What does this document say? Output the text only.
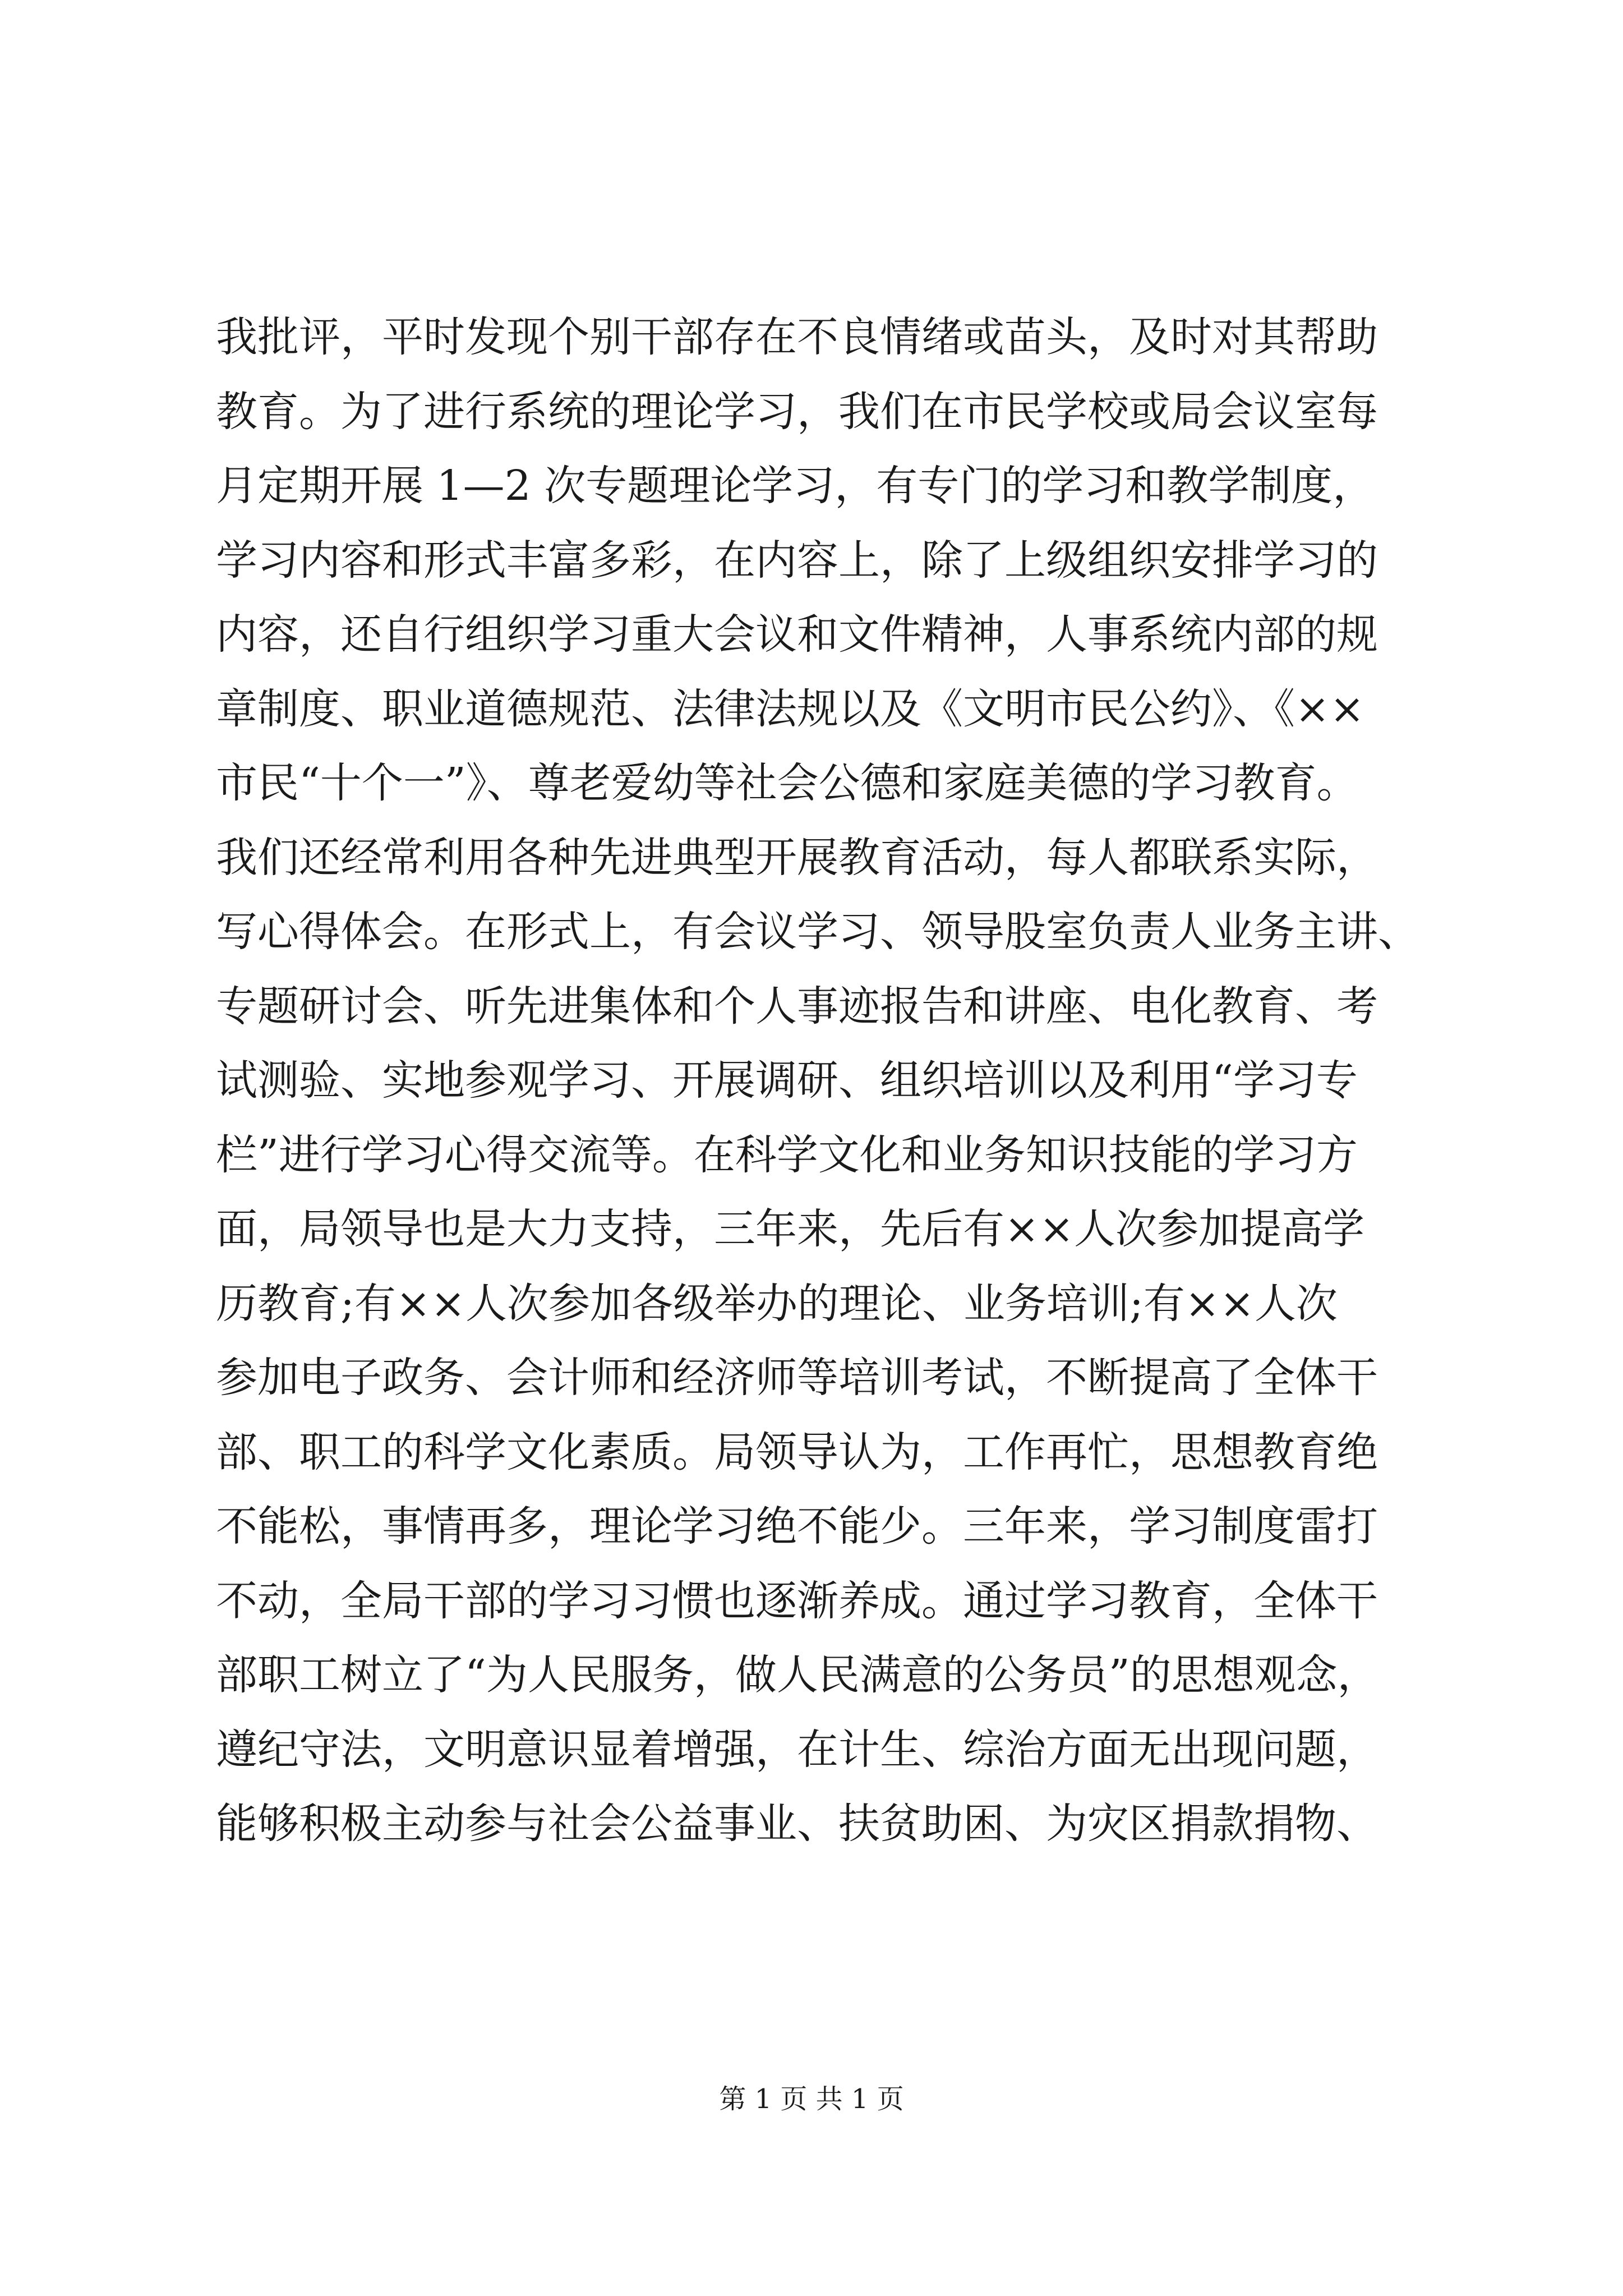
我批评，平时发现个别干部存在不良情绪或苗头，及时对其帮助
教育。为了进行系统的理论学习，我们在市民学校或局会议室每
月定期开展 1—2 次专题理论学习，有专门的学习和教学制度，
学习内容和形式丰富多彩，在内容上，除了上级组织安排学习的
内容，还自行组织学习重大会议和文件精神，人事系统内部的规
章制度、职业道德规范、法律法规以及《文明市民公约》、《××
市民“十个一”》、尊老爱幼等社会公德和家庭美德的学习教育。
我们还经常利用各种先进典型开展教育活动，每人都联系实际，
写心得体会。在形式上，有会议学习、领导股室负责人业务主讲、
专题研讨会、听先进集体和个人事迹报告和讲座、电化教育、考
试测验、实地参观学习、开展调研、组织培训以及利用“学习专
栏”进行学习心得交流等。在科学文化和业务知识技能的学习方
面，局领导也是大力支持，三年来，先后有××人次参加提高学
历教育;有××人次参加各级举办的理论、业务培训;有××人次
参加电子政务、会计师和经济师等培训考试，不断提高了全体干
部、职工的科学文化素质。局领导认为，工作再忙，思想教育绝
不能松，事情再多，理论学习绝不能少。三年来，学习制度雷打
不动，全局干部的学习习惯也逐渐养成。通过学习教育，全体干
部职工树立了“为人民服务，做人民满意的公务员”的思想观念，
遵纪守法，文明意识显着增强，在计生、综治方面无出现问题，
能够积极主动参与社会公益事业、扶贫助困、为灾区捐款捐物、
第 1 页 共 1 页
